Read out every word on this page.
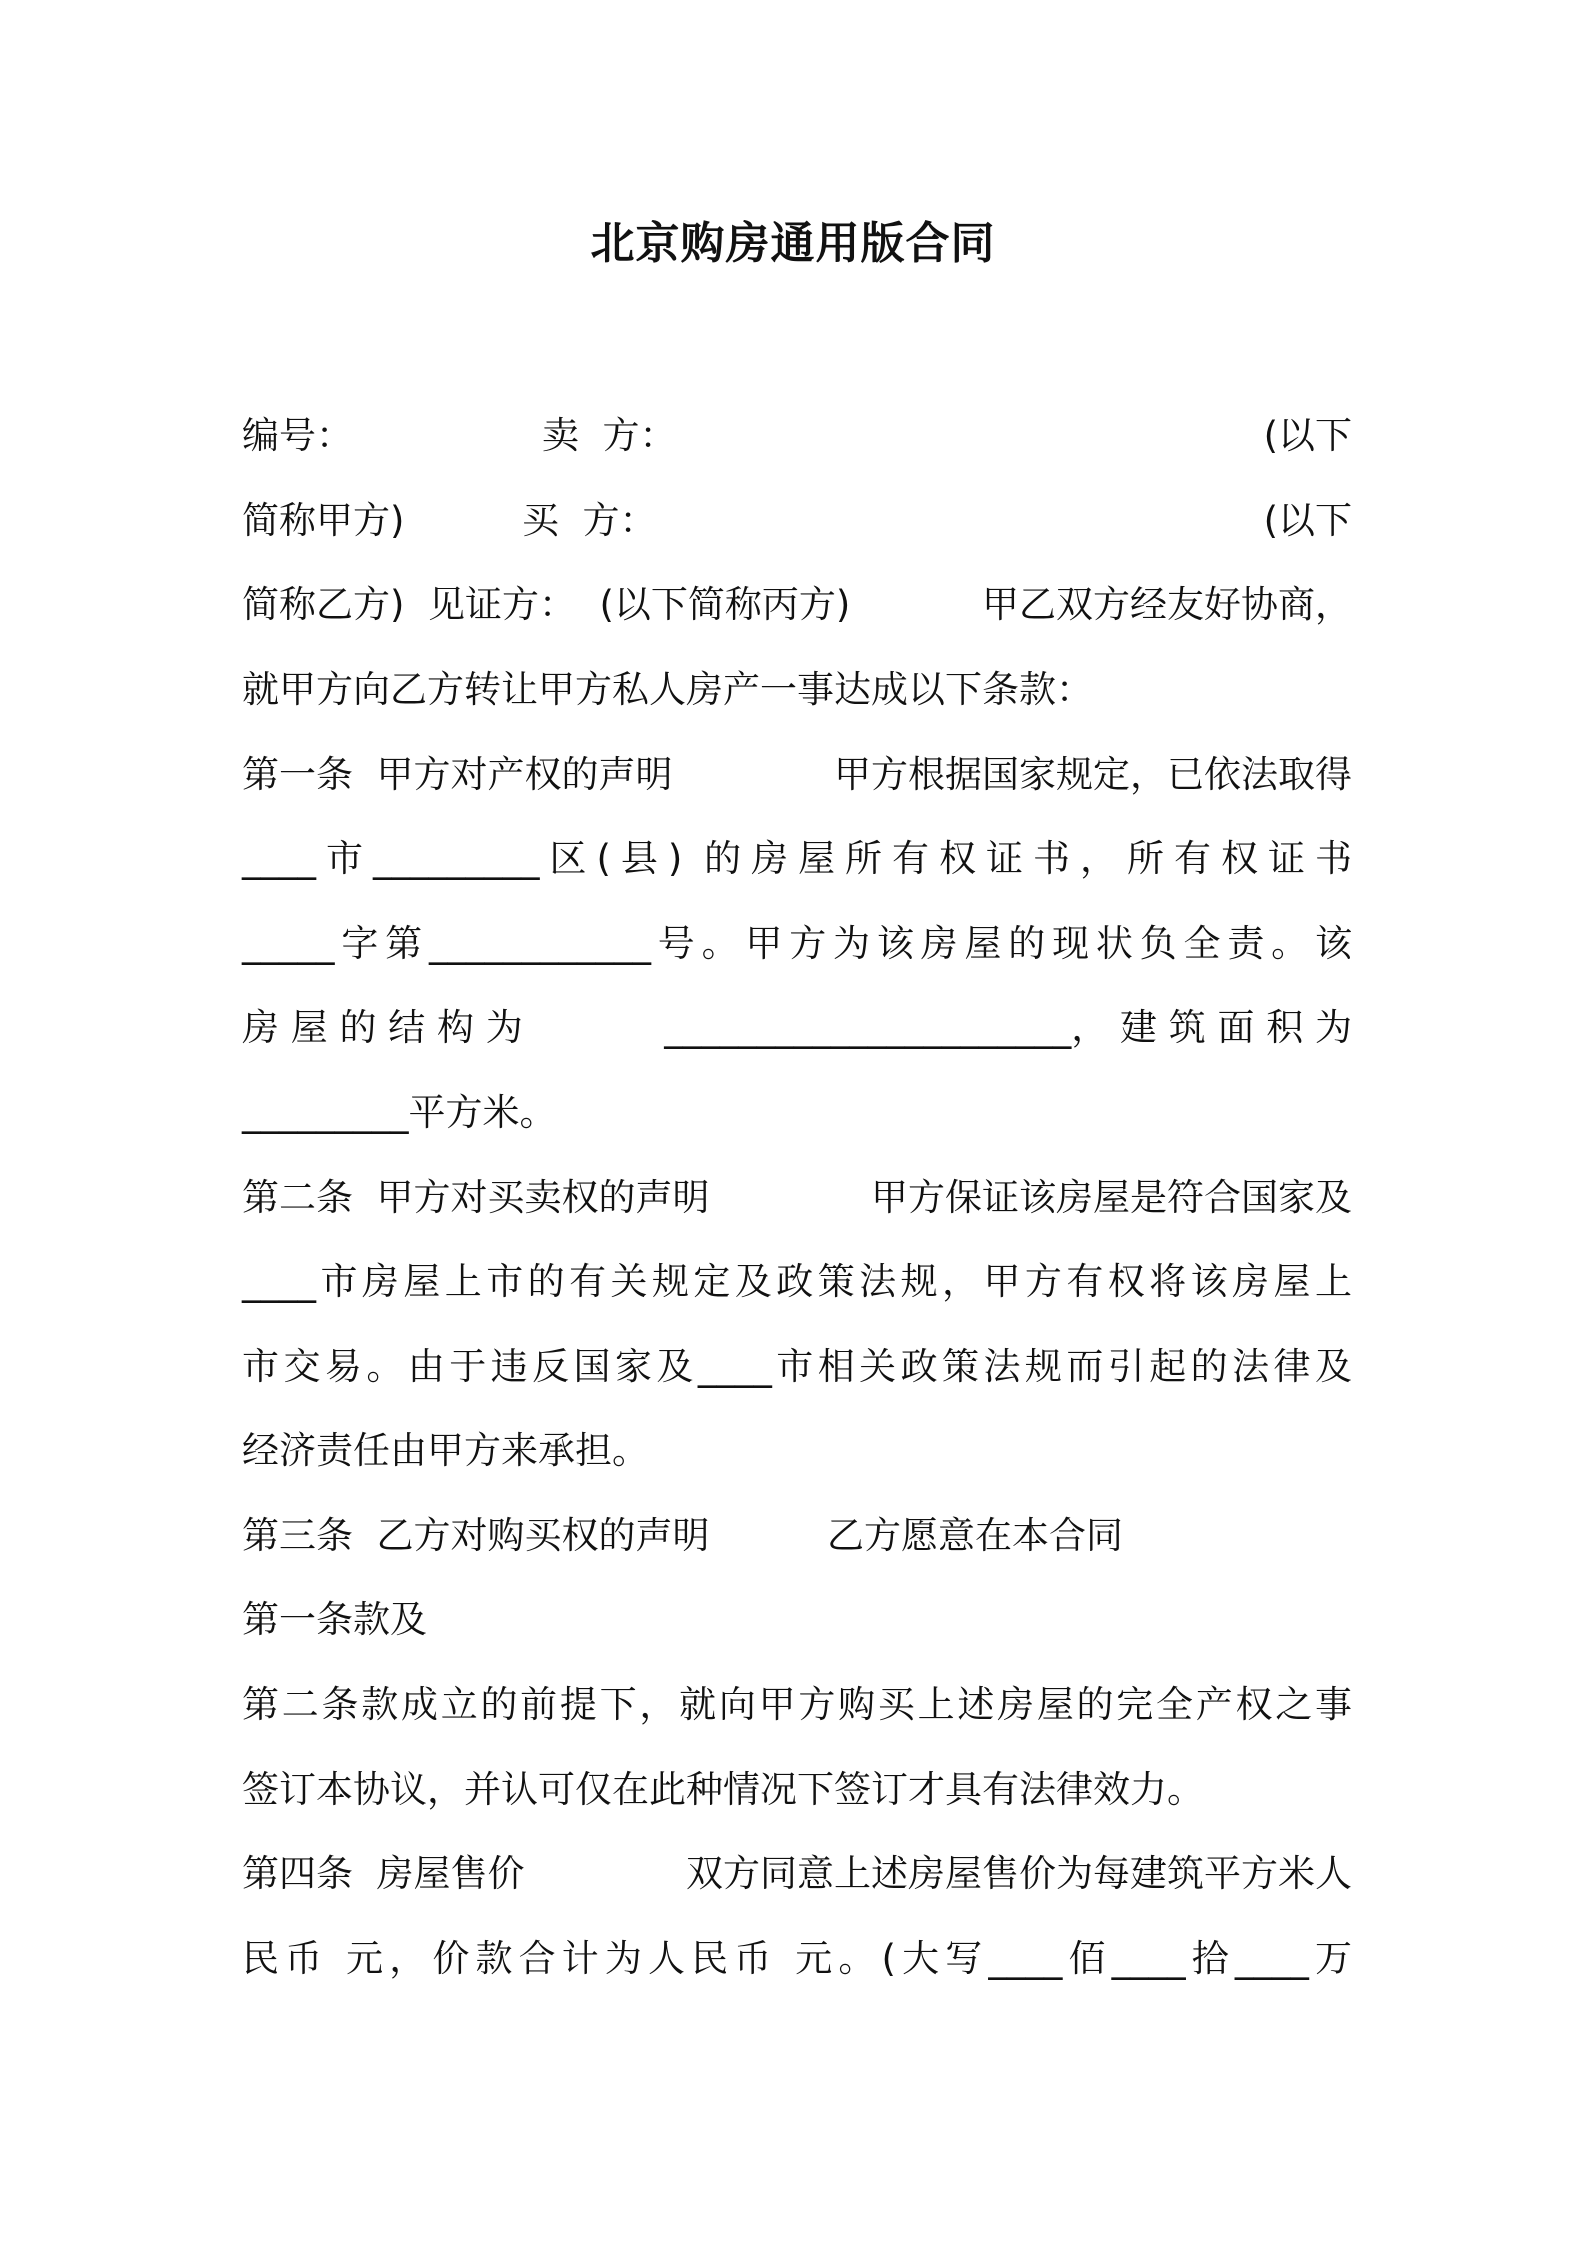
北京购房通用版合同

编号：

	卖  方：

	(以下

简称甲方)

	买  方：

	(以下

简称乙方)  见证方：  (以下简称丙方)

	甲乙双方经友好协商，

就甲方向乙方转让甲方私人房产一事达成以下条款：

第一条  甲方对产权的声明

	甲方根据国家规定，已依法取得

____市_________区(县) 的房屋所有权证书，所有权证书

_____字第____________号。甲方为该房屋的现状负全责。该

房 屋 的 结 构 为

	______________________， 建 筑 面 积 为

_________平方米。

第二条  甲方对买卖权的声明

	甲方保证该房屋是符合国家及

____市房屋上市的有关规定及政策法规，甲方有权将该房屋上

市交易。由于违反国家及____市相关政策法规而引起的法律及

经济责任由甲方来承担。

第三条  乙方对购买权的声明

	乙方愿意在本合同

第一条款及

第二条款成立的前提下，就向甲方购买上述房屋的完全产权之事

签订本协议，并认可仅在此种情况下签订才具有法律效力。

第四条  房屋售价

	双方同意上述房屋售价为每建筑平方米人

民币 元，价款合计为人民币 元。(大写____佰____拾____万
